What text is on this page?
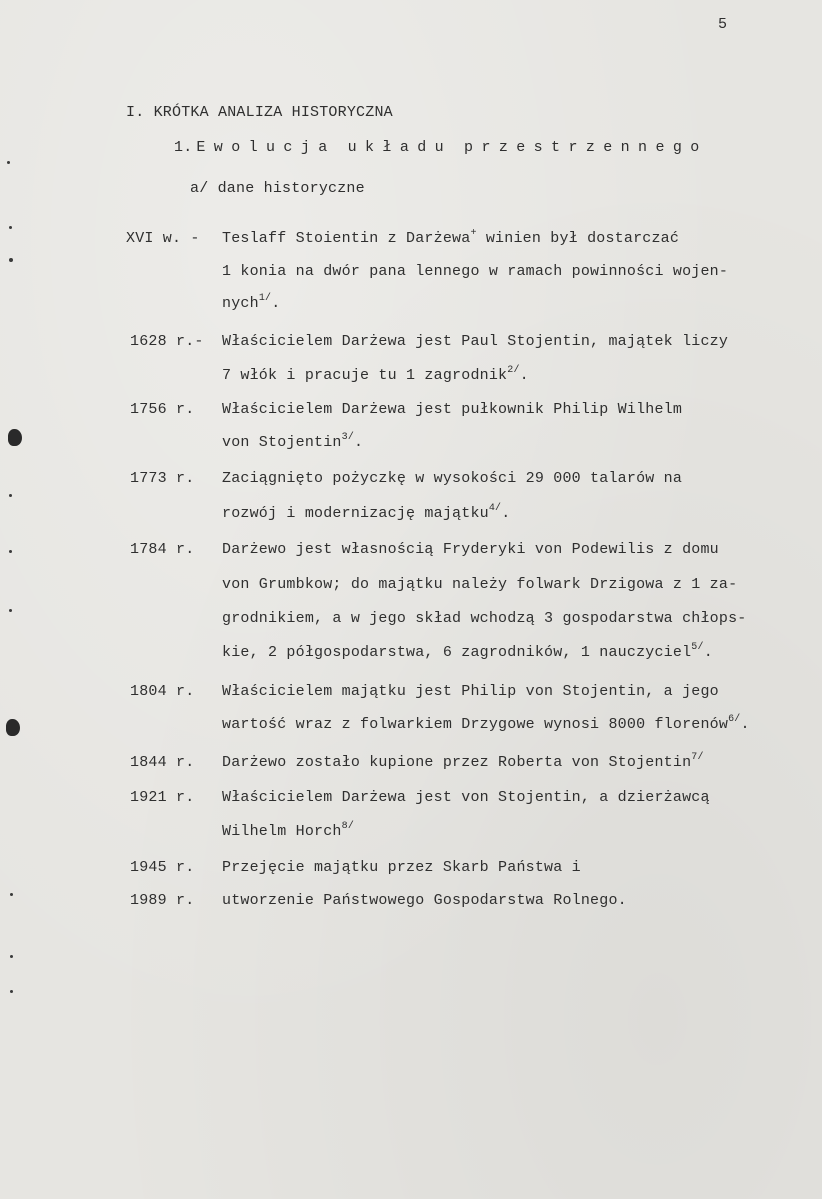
5
I. KRÓTKA ANALIZA HISTORYCZNA
1. Ewolucja układu przestrzennego
a/ dane historyczne
XVI w. - Teslaff Stoientin z Darżewa+ winien był dostarczać
1 konia na dwór pana lennego w ramach powinności wojen-
nych$^{1/}$.
1628 r.- Właścicielem Darżewa jest Paul Stojentin, majątek liczy
7 włók i pracuje tu 1 zagrodnik$^{2/}$.
1756 r. Właścicielem Darżewa jest pułkownik Philip Wilhelm
von Stojentin$^{3/}$.
1773 r. Zaciągnięto pożyczkę w wysokości 29 000 talarów na
rozwój i modernizację majątku$^{4/}$.
1784 r. Darżewo jest własnością Fryderyki von Podewilis z domu
von Grumbkow; do majątku należy folwark Drzigowa z 1 za-
grodnikiem, a w jego skład wchodzą 3 gospodarstwa chłops-
kie, 2 półgospodarstwa, 6 zagrodników, 1 nauczyciel$^{5/}$.
1804 r. Właścicielem majątku jest Philip von Stojentin, a jego
wartość wraz z folwarkiem Drzygowe wynosi 8000 florenów$^{6/}$.
1844 r. Darżewo zostało kupione przez Roberta von Stojentin$^{7/}$
1921 r. Właścicielem Darżewa jest von Stojentin, a dzierżawcą
Wilhelm Horch$^{8/}$
1945 r. Przejęcie majątku przez Skarb Państwa i
1989 r. utworzenie Państwowego Gospodarstwa Rolnego.
